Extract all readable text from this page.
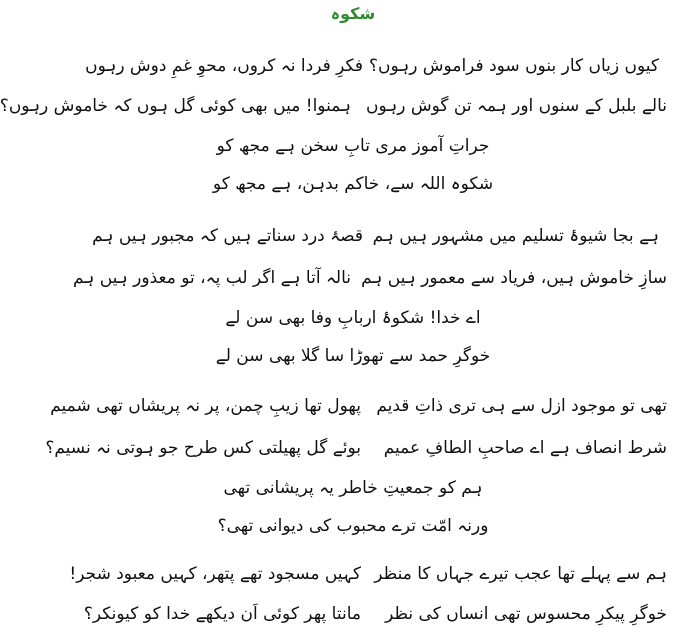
شکوہ
کیوں زیاں کار بنوں سود فراموش رہوں؟
فکرِ فردا نہ کروں، محوِ غمِ دوش رہوں
نالے بلبل کے سنوں اور ہمہ تن گوش رہوں
ہمنوا! میں بھی کوئی گل ہوں کہ خاموش رہوں؟
جراتِ آموز مری تابِ سخن ہے مجھ کو
شکوہ اللہ سے، خاکم بدہن، ہے مجھ کو
ہے بجا شیوۂ تسلیم میں مشہور ہیں ہم
قصۂ درد سناتے ہیں کہ مجبور ہیں ہم
سازِ خاموش ہیں، فریاد سے معمور ہیں ہم
نالہ آتا ہے اگر لب پہ، تو معذور ہیں ہم
اے خدا! شکوۂ اربابِ وفا بھی سن لے
خوگرِ حمد سے تھوڑا سا گلا بھی سن لے
تھی تو موجود ازل سے ہی تری ذاتِ قدیم
پھول تھا زیبِ چمن، پر نہ پریشاں تھی شمیم
شرط انصاف ہے اے صاحبِ الطافِ عمیم
بوئے گل پھیلتی کس طرح جو ہوتی نہ نسیم؟
ہم کو جمعیتِ خاطر یہ پریشانی تھی
ورنہ امّت ترے محبوب کی دیوانی تھی؟
ہم سے پہلے تھا عجب تیرے جہاں کا منظر
کہیں مسجود تھے پتھر، کہیں معبود شجر!
خوگرِ پیکرِ محسوس تھی انساں کی نظر
مانتا پھر کوئی اَن دیکھے خدا کو کیونکر؟
